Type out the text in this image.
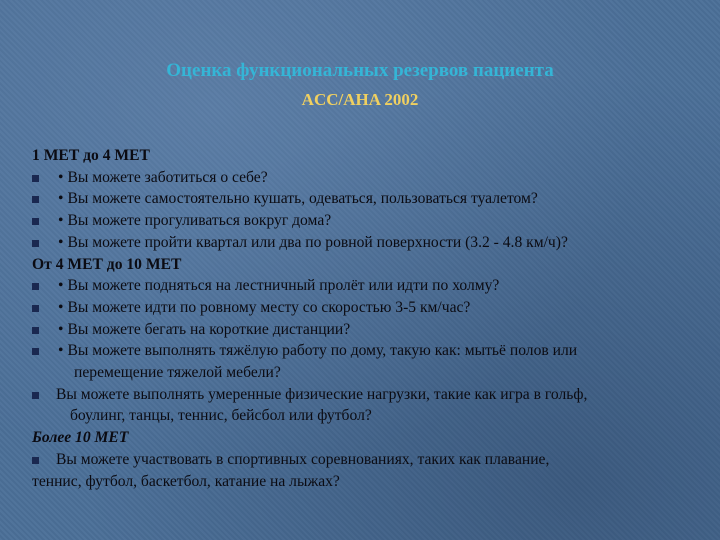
Оценка функциональных резервов пациента
ACC/AHA 2002
1 МЕТ до 4 МЕТ
• Вы можете заботиться о себе?
• Вы можете самостоятельно кушать, одеваться, пользоваться туалетом?
• Вы можете прогуливаться вокруг дома?
• Вы можете пройти квартал или два по ровной поверхности (3.2 - 4.8 км/ч)?
От 4 МЕТ до 10 МЕТ
• Вы можете подняться на лестничный пролёт или идти по холму?
• Вы можете идти по ровному месту со скоростью 3-5 км/час?
• Вы можете бегать на короткие дистанции?
• Вы можете выполнять тяжёлую работу по дому, такую как: мытьё полов или
перемещение тяжелой мебели?
Вы можете выполнять умеренные физические нагрузки, такие как игра в гольф,
боулинг, танцы, теннис, бейсбол или футбол?
Более 10 МЕТ
Вы можете участвовать в спортивных соревнованиях, таких как плавание,
теннис, футбол, баскетбол, катание на лыжах?
